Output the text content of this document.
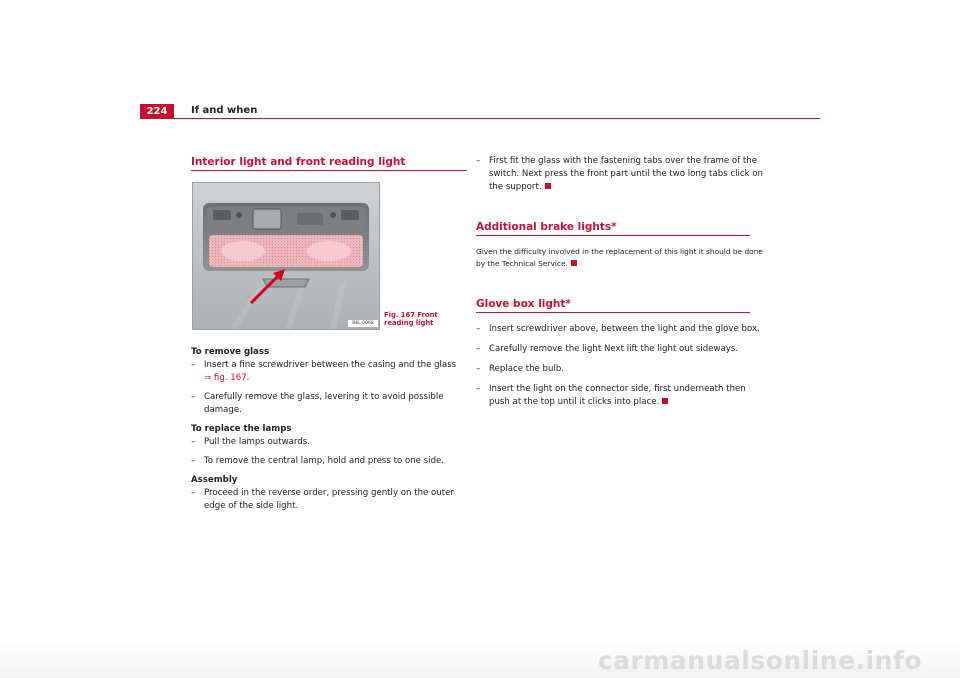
224	If and when
Interior light and front reading light
Fig. 167 Front reading light
B6L-0068
To remove glass
– Insert a fine screwdriver between the casing and the glass
⇒ fig. 167.
– Carefully remove the glass, levering it to avoid possible damage.
To replace the lamps
– Pull the lamps outwards.
– To remove the central lamp, hold and press to one side.
Assembly
– Proceed in the reverse order, pressing gently on the outer edge of the side light.
– First fit the glass with the fastening tabs over the frame of the switch. Next press the front part until the two long tabs click on the support.
Additional brake lights*
Given the difficulty involved in the replacement of this light it should be done by the Technical Service.
Glove box light*
– Insert screwdriver above, between the light and the glove box.
– Carefully remove the light Next lift the light out sideways.
– Replace the bulb.
– Insert the light on the connector side, first underneath then push at the top until it clicks into place.
carmanualsonline.info
